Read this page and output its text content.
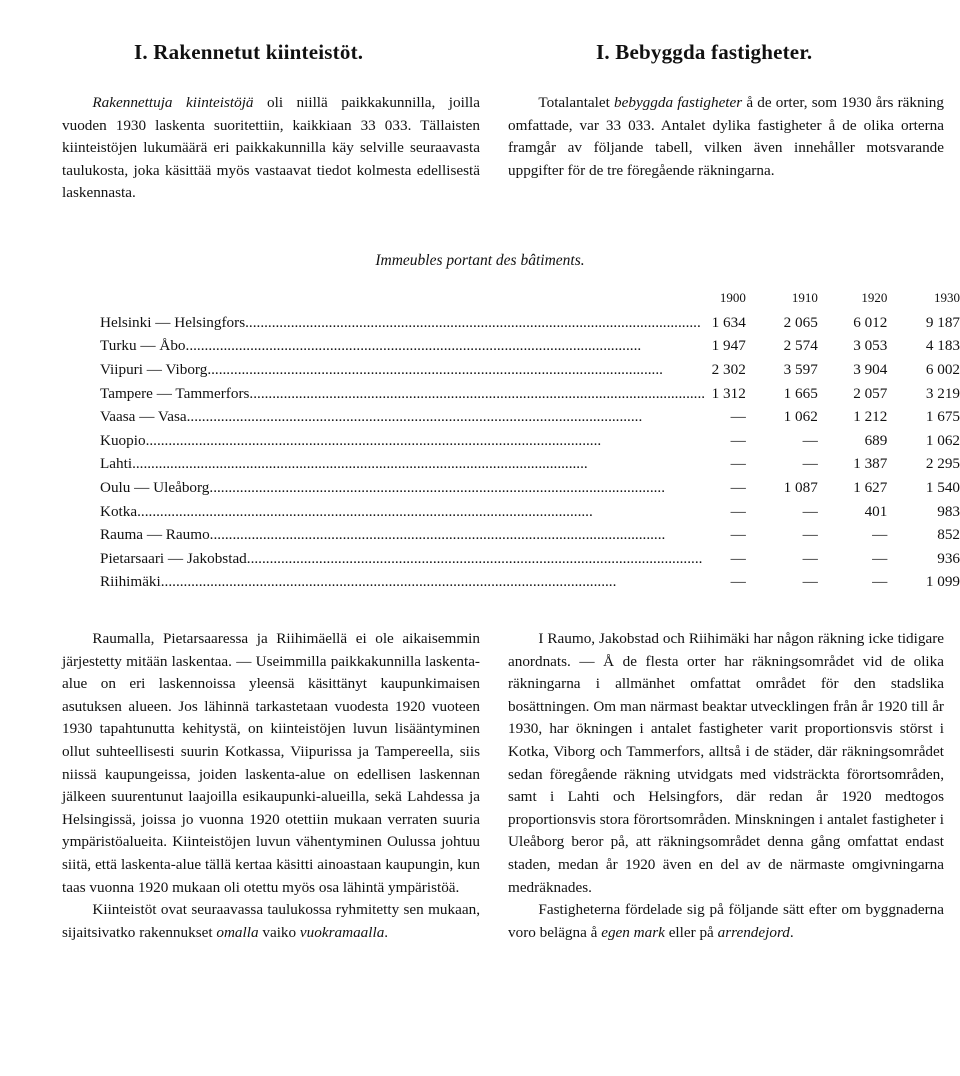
I. Rakennetut kiinteistöt.	I. Bebyggda fastigheter.

Rakennettuja kiinteistöjä oli niillä paikkakunnilla, joilla vuoden 1930 laskenta suoritettiin, kaikkiaan 33 033. Tällaisten kiinteistöjen lukumäärä eri paikkakunnilla käy selville seuraavasta taulukosta, joka käsittää myös vastaavat tiedot kolmesta edellisestä laskennasta.

Totalantalet bebyggda fastigheter å de orter, som 1930 års räkning omfattade, var 33 033. Antalet dylika fastigheter å de olika orterna framgår av följande tabell, vilken även innehåller motsvarande uppgifter för de tre föregående räkningarna.

Immeubles portant des bâtiments.
	1900	1910	1920	1930
Helsinki — Helsingfors........................................................................................................................	1 634	2 065	6 012	9 187
Turku — Åbo........................................................................................................................	1 947	2 574	3 053	4 183
Viipuri — Viborg........................................................................................................................	2 302	3 597	3 904	6 002
Tampere — Tammerfors........................................................................................................................	1 312	1 665	2 057	3 219
Vaasa — Vasa........................................................................................................................	—	1 062	1 212	1 675
Kuopio........................................................................................................................	—	—	689	1 062
Lahti........................................................................................................................	—	—	1 387	2 295
Oulu — Uleåborg........................................................................................................................	—	1 087	1 627	1 540
Kotka........................................................................................................................	—	—	401	983
Rauma — Raumo........................................................................................................................	—	—	—	852
Pietarsaari — Jakobstad........................................................................................................................	—	—	—	936
Riihimäki........................................................................................................................	—	—	—	1 099

Raumalla, Pietarsaaressa ja Riihimäellä ei ole aikaisemmin järjestetty mitään laskentaa. — Useimmilla paikkakunnilla laskenta-alue on eri laskennoissa yleensä käsittänyt kaupunkimaisen asutuksen alueen. Jos lähinnä tarkastetaan vuodesta 1920 vuoteen 1930 tapahtunutta kehitystä, on kiinteistöjen luvun lisääntyminen ollut suhteellisesti suurin Kotkassa, Viipurissa ja Tampereella, siis niissä kaupungeissa, joiden laskenta-alue on edellisen laskennan jälkeen suurentunut laajoilla esikaupunki-alueilla, sekä Lahdessa ja Helsingissä, joissa jo vuonna 1920 otettiin mukaan verraten suuria ympäristöalueita. Kiinteistöjen luvun vähentyminen Oulussa johtuu siitä, että laskenta-alue tällä kertaa käsitti ainoastaan kaupungin, kun taas vuonna 1920 mukaan oli otettu myös osa lähintä ympäristöä.

Kiinteistöt ovat seuraavassa taulukossa ryhmitetty sen mukaan, sijaitsivatko rakennukset omalla vaiko vuokramaalla.

I Raumo, Jakobstad och Riihimäki har någon räkning icke tidigare anordnats. — Å de flesta orter har räkningsområdet vid de olika räkningarna i allmänhet omfattat området för den stadslika bosättningen. Om man närmast beaktar utvecklingen från år 1920 till år 1930, har ökningen i antalet fastigheter varit proportionsvis störst i Kotka, Viborg och Tammerfors, alltså i de städer, där räkningsområdet sedan föregående räkning utvidgats med vidsträckta förortsområden, samt i Lahti och Helsingfors, där redan år 1920 medtogos proportionsvis stora förortsområden. Minskningen i antalet fastigheter i Uleåborg beror på, att räkningsområdet denna gång omfattat endast staden, medan år 1920 även en del av de närmaste omgivningarna medräknades.

Fastigheterna fördelade sig på följande sätt efter om byggnaderna voro belägna å egen mark eller på arrendejord.
